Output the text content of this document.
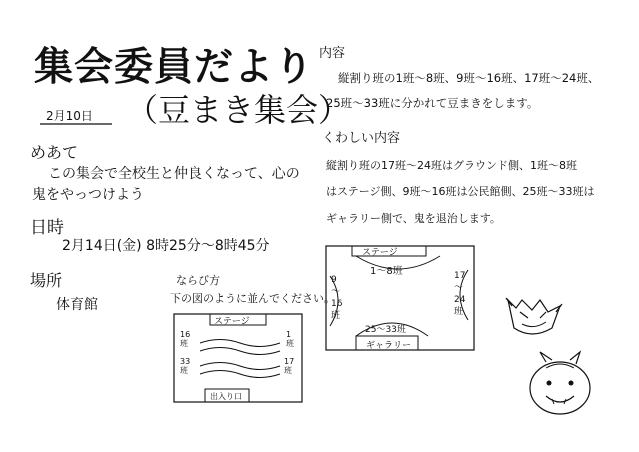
集会委員だより
（豆まき集会）
2月10日
めあて
この集会で全校生と仲良くなって、心の
鬼をやっつけよう
日時
2月14日(金) 8時25分～8時45分
場所
体育館
ならび方
下の図のように並んでください。
ステージ
16班
33班
1班
17班
出入り口
内容
縦割り班の1班～8班、9班～16班、17班～24班、
25班～33班に分かれて豆まきをします。
くわしい内容
縦割り班の17班～24班はグラウンド側、1班～8班
はステージ側、9班～16班は公民館側、25班～33班は
ギャラリー側で、鬼を退治します。
ステージ
1～8班
9～16班
17～24班
25～33班
ギャラリー
